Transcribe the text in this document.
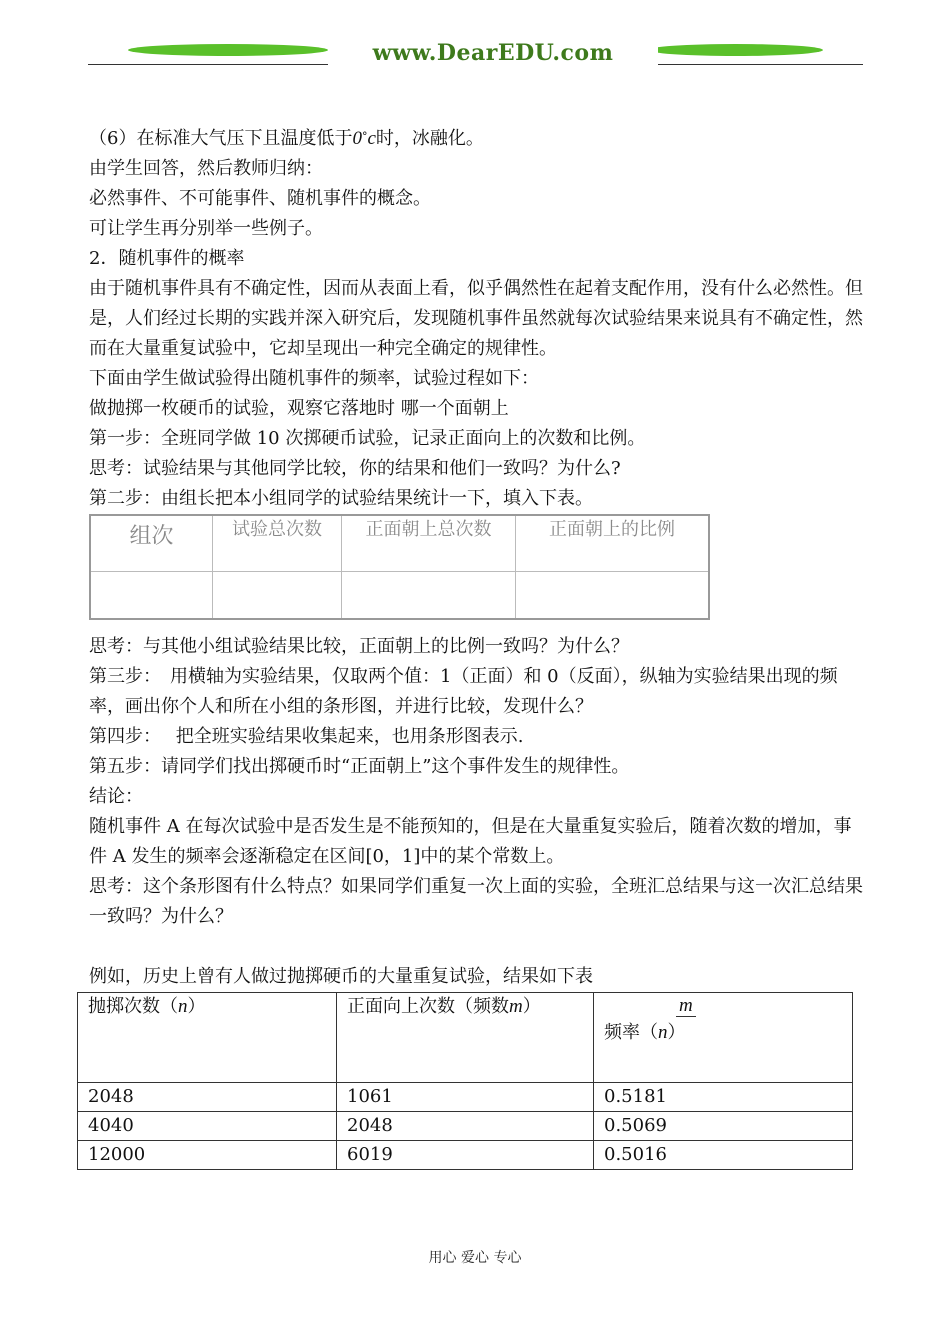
www.DearEDU.com

（6）在标准大气压下且温度低于0°c时，冰融化。

由学生回答，然后教师归纳：

必然事件、不可能事件、随机事件的概念。

可让学生再分别举一些例子。

2．随机事件的概率

由于随机事件具有不确定性，因而从表面上看，似乎偶然性在起着支配作用，没有什么必然性。但是，人们经过长期的实践并深入研究后，发现随机事件虽然就每次试验结果来说具有不确定性，然而在大量重复试验中，它却呈现出一种完全确定的规律性。

下面由学生做试验得出随机事件的频率，试验过程如下：

做抛掷一枚硬币的试验，观察它落地时 哪一个面朝上

第一步：全班同学做 10 次掷硬币试验，记录正面向上的次数和比例。

思考：试验结果与其他同学比较，你的结果和他们一致吗？为什么?

第二步：由组长把本小组同学的试验结果统计一下，填入下表。

组次	试验总次数	正面朝上总次数	正面朝上的比例

思考：与其他小组试验结果比较，正面朝上的比例一致吗？为什么？

第三步：　用横轴为实验结果，仅取两个值：1（正面）和 0（反面），纵轴为实验结果出现的频率，画出你个人和所在小组的条形图，并进行比较，发现什么？

第四步：　 把全班实验结果收集起来，也用条形图表示.

第五步：请同学们找出掷硬币时“正面朝上”这个事件发生的规律性。

结论：

随机事件 A 在每次试验中是否发生是不能预知的，但是在大量重复实验后，随着次数的增加，事件 A 发生的频率会逐渐稳定在区间[0，1]中的某个常数上。

思考：这个条形图有什么特点？如果同学们重复一次上面的实验，全班汇总结果与这一次汇总结果一致吗？为什么？

例如，历史上曾有人做过抛掷硬币的大量重复试验，结果如下表

抛掷次数（n）	正面向上次数（频数m）	m
频率（n）

2048	1061	0.5181
4040	2048	0.5069
12000	6019	0.5016
用心 爱心 专心
